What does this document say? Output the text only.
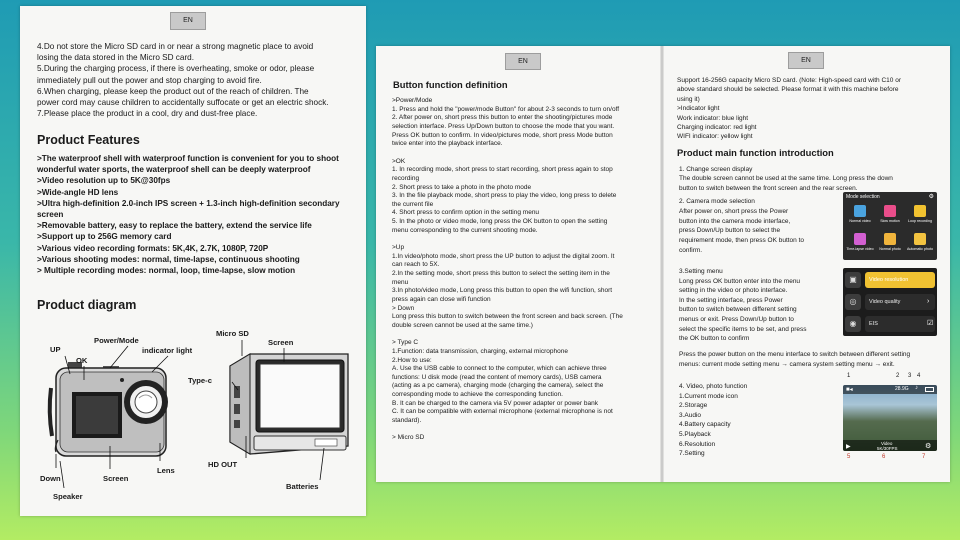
EN
4.Do not store the Micro SD card in or near a strong magnetic place to avoid
losing the data stored in the Micro SD card.
5.During the charging process, if there is overheating, smoke or odor, please
immediately pull out the power and stop charging to avoid fire.
6.When charging, please keep the product out of the reach of children. The
power cord may cause children to accidentally suffocate or get an electric shock.
7.Please place the product in a cool, dry and dust-free place.
Product Features
>The waterproof shell with waterproof function is convenient for you to shoot
wonderful water sports, the waterproof shell can be deeply waterproof
>Video resolution up to 5K@30fps
>Wide-angle HD lens
>Ultra high-definition 2.0-inch IPS screen + 1.3-inch high-definition secondary
screen
>Removable battery, easy to replace the battery, extend the service life
>Support up to 256G memory card
>Various video recording formats: 5K,4K, 2.7K, 1080P, 720P
>Various shooting modes: normal, time-lapse, continuous shooting
> Multiple recording modes: normal, loop, time-lapse, slow motion
Product diagram
UP
OK
Power/Mode
indicator light
Lens
Down	Screen
Speaker
Micro SD
Screen
Type-c
HD OUT
Batteries
EN
Button function definition
>Power/Mode
1. Press and hold the "power/mode Button" for about 2-3 seconds to turn on/off
2. After power on, short press this button to enter the shooting/pictures mode
selection interface. Press Up/Down button to choose the mode that you want.
Press OK button to confirm. In video/pictures mode, short press Mode button
twice enter into the playback interface.
>OK
1. In recording mode, short press to start recording, short press again to stop
recording
2. Short press to take a photo in the photo mode
3. In the file playback mode, short press to play the video, long press to delete
the current file
4. Short press to confirm option in the setting menu
5. In the photo or video mode, long press the OK button to open the setting
menu corresponding to the current shooting mode.
>Up
1.In video/photo mode, short press the UP button to adjust the digital zoom. It
can reach to 5X.
2.In the setting mode, short press this button to select the setting item in the
menu
3.In photo/video mode, Long press this button to open the wifi function, short
press again can close wifi function
> Down
Long press this button to switch between the front screen and back screen. (The
double screen cannot be used at the same time.)
> Type C
1.Function: data transmission, charging, external microphone
2.How to use:
A. Use the USB cable to connect to the computer, which can achieve three
functions: U disk mode (read the content of memory cards), USB camera
(acting as a pc camera), charging mode (charging the camera), select the
corresponding mode to achieve the corresponding function.
B. It can be charged to the camera via 5V power adapter or power bank
C. It can be compatible with external microphone (external microphone is not
standard).
> Micro SD
EN
Support 16-256G capacity Micro SD card. (Note: High-speed card with C10 or
above standard should be selected. Please format it with this machine before
using it)
>Indicator light
Work indicator: blue light
Charging indicator: red light
WIFI indicator: yellow light
Product main function introduction
1. Change screen display
The double screen cannot be used at the same time. Long press the down
button to switch between the front screen and the rear screen.
2. Camera mode selection
After power on, short press the Power
button into the camera mode interface,
press Down/Up button to select the
requirement mode, then press OK button to
confirm.
3.Setting menu
Long press OK button enter into the menu
setting in the video or photo interface.
In the setting interface, press Power
button to switch between different setting
menus or exit. Press Down/Up button to
select the specific items to be set, and press
the OK button to confirm
Press the power button on the menu interface to switch between different setting
menus: current mode setting menu → camera system setting menu → exit.
4. Video, photo function
1.Current mode icon
2.Storage
3.Audio
4.Battery capacity
5.Playback
6.Resolution
7.Setting
Mode selection	⚙
Normal video	Slow motion	Loop recording
Time-lapse video	Normal photo	Automatic photo
▣	Video resolution
◎	Video quality	›
◉	EIS	☑
1	2 3 4
■◂	28.9G ♪
▶
Video
5K/30FPS	⚙
5	6	7
